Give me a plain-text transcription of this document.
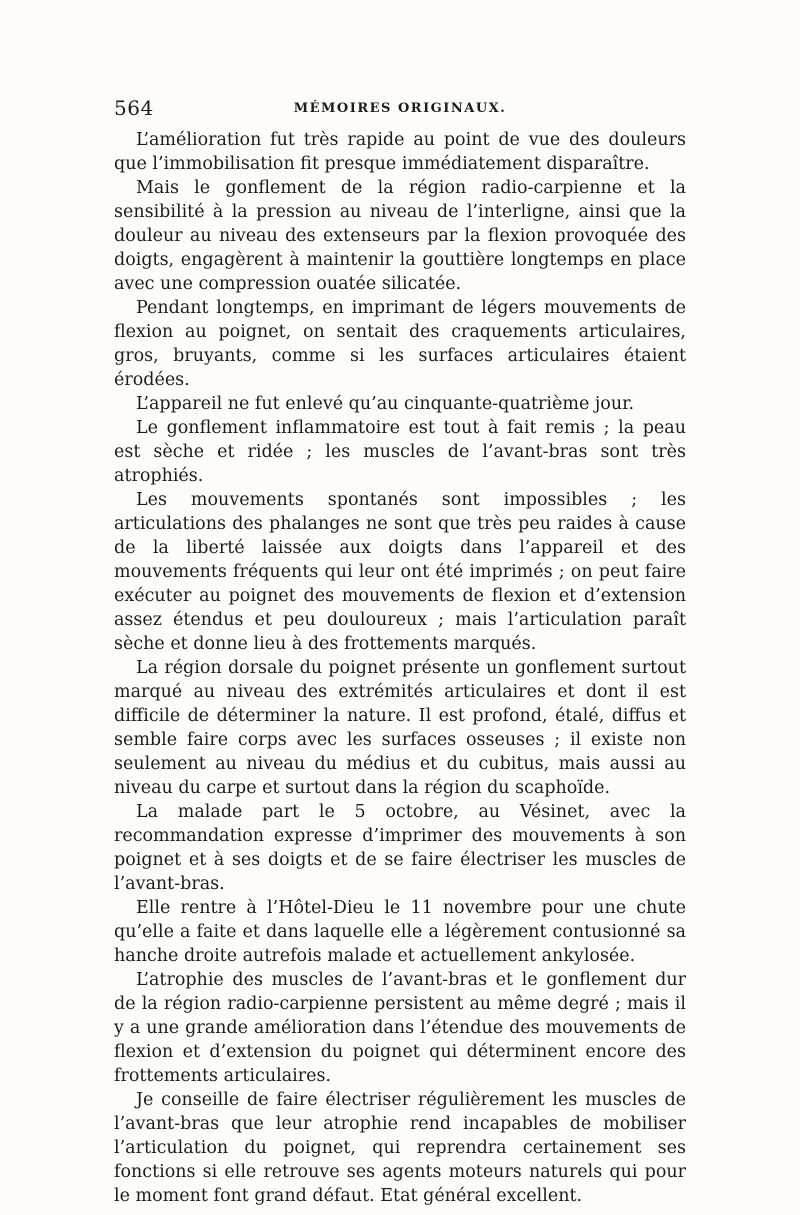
564	MÉMOIRES ORIGINAUX.

L’amélioration fut très rapide au point de vue des douleurs que l’immobilisation fit presque immédiatement disparaître.

Mais le gonflement de la région radio-carpienne et la sensibilité à la pression au niveau de l’interligne, ainsi que la douleur au niveau des extenseurs par la flexion provoquée des doigts, engagèrent à maintenir la gouttière longtemps en place avec une compression ouatée silicatée.

Pendant longtemps, en imprimant de légers mouvements de flexion au poignet, on sentait des craquements articulaires, gros, bruyants, comme si les surfaces articulaires étaient érodées.

L’appareil ne fut enlevé qu’au cinquante-quatrième jour.

Le gonflement inflammatoire est tout à fait remis ; la peau est sèche et ridée ; les muscles de l’avant-bras sont très atrophiés.

Les mouvements spontanés sont impossibles ; les articulations des phalanges ne sont que très peu raides à cause de la liberté laissée aux doigts dans l’appareil et des mouvements fréquents qui leur ont été imprimés ; on peut faire exécuter au poignet des mouvements de flexion et d’extension assez étendus et peu douloureux ; mais l’articulation paraît sèche et donne lieu à des frottements marqués.

La région dorsale du poignet présente un gonflement surtout marqué au niveau des extrémités articulaires et dont il est difficile de déterminer la nature. Il est profond, étalé, diffus et semble faire corps avec les surfaces osseuses ; il existe non seulement au niveau du médius et du cubitus, mais aussi au niveau du carpe et surtout dans la région du scaphoïde.

La malade part le 5 octobre, au Vésinet, avec la recommandation expresse d’imprimer des mouvements à son poignet et à ses doigts et de se faire électriser les muscles de l’avant-bras.

Elle rentre à l’Hôtel-Dieu le 11 novembre pour une chute qu’elle a faite et dans laquelle elle a légèrement contusionné sa hanche droite autrefois malade et actuellement ankylosée.

L’atrophie des muscles de l’avant-bras et le gonflement dur de la région radio-carpienne persistent au même degré ; mais il y a une grande amélioration dans l’étendue des mouvements de flexion et d’extension du poignet qui déterminent encore des frottements articulaires.

Je conseille de faire électriser régulièrement les muscles de l’avant-bras que leur atrophie rend incapables de mobiliser l’articulation du poignet, qui reprendra certainement ses fonctions si elle retrouve ses agents moteurs naturels qui pour le moment font grand défaut. Etat général excellent.
